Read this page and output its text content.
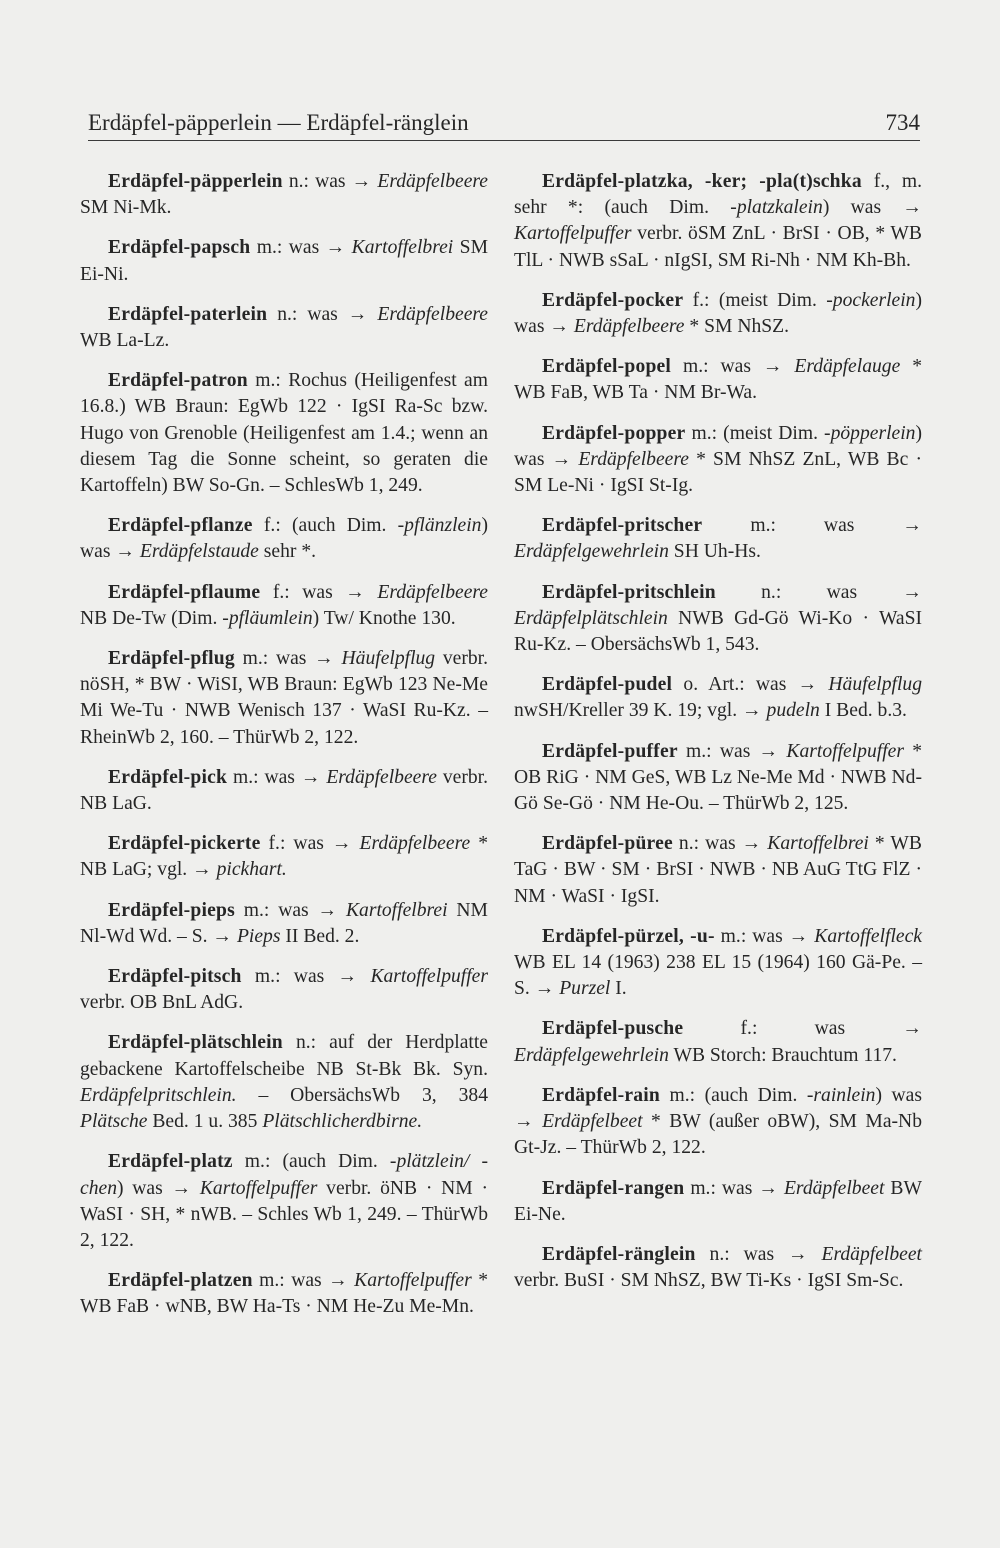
Erdäpfel-päpperlein — Erdäpfel-ränglein	734

Erdäpfel-päpperlein n.: was → Erdäpfelbeere SM Ni-Mk.

Erdäpfel-papsch m.: was → Kartoffelbrei SM Ei-Ni.

Erdäpfel-paterlein n.: was → Erdäpfelbeere WB La-Lz.

Erdäpfel-patron m.: Rochus (Heiligenfest am 16.8.) WB Braun: EgWb 122 · IgSI Ra-Sc bzw. Hugo von Grenoble (Heiligenfest am 1.4.; wenn an diesem Tag die Sonne scheint, so geraten die Kartoffeln) BW So-Gn. – SchlesWb 1, 249.

Erdäpfel-pflanze f.: (auch Dim. -pflänzlein) was → Erdäpfelstaude sehr *.

Erdäpfel-pflaume f.: was → Erdäpfelbeere NB De-Tw (Dim. -pfläumlein) Tw/ Knothe 130.

Erdäpfel-pflug m.: was → Häufelpflug verbr. nöSH, * BW · WiSI, WB Braun: EgWb 123 Ne-Me Mi We-Tu · NWB Wenisch 137 · WaSI Ru-Kz. – RheinWb 2, 160. – ThürWb 2, 122.

Erdäpfel-pick m.: was → Erdäpfelbeere verbr. NB LaG.

Erdäpfel-pickerte f.: was → Erdäpfelbeere * NB LaG; vgl. → pickhart.

Erdäpfel-pieps m.: was → Kartoffelbrei NM Nl-Wd Wd. – S. → Pieps II Bed. 2.

Erdäpfel-pitsch m.: was → Kartoffelpuffer verbr. OB BnL AdG.

Erdäpfel-plätschlein n.: auf der Herdplatte gebackene Kartoffelscheibe NB St-Bk Bk. Syn. Erdäpfelpritschlein. – ObersächsWb 3, 384 Plätsche Bed. 1 u. 385 Plätschlicherdbirne.

Erdäpfel-platz m.: (auch Dim. -plätzlein/ -chen) was → Kartoffelpuffer verbr. öNB · NM · WaSI · SH, * nWB. – Schles Wb 1, 249. – ThürWb 2, 122.

Erdäpfel-platzen m.: was → Kartoffelpuffer * WB FaB · wNB, BW Ha-Ts · NM He-Zu Me-Mn.

Erdäpfel-platzka, -ker; -pla(t)schka f., m. sehr *: (auch Dim. -platzkalein) was → Kartoffelpuffer verbr. öSM ZnL · BrSI · OB, * WB TlL · NWB sSaL · nIgSI, SM Ri-Nh · NM Kh-Bh.

Erdäpfel-pocker f.: (meist Dim. -pockerlein) was → Erdäpfelbeere * SM NhSZ.

Erdäpfel-popel m.: was → Erdäpfelauge * WB FaB, WB Ta · NM Br-Wa.

Erdäpfel-popper m.: (meist Dim. -pöpperlein) was → Erdäpfelbeere * SM NhSZ ZnL, WB Bc · SM Le-Ni · IgSI St-Ig.

Erdäpfel-pritscher m.: was → Erdäpfelgewehrlein SH Uh-Hs.

Erdäpfel-pritschlein n.: was → Erdäpfelplätschlein NWB Gd-Gö Wi-Ko · WaSI Ru-Kz. – ObersächsWb 1, 543.

Erdäpfel-pudel o. Art.: was → Häufelpflug nwSH/Kreller 39 K. 19; vgl. → pudeln I Bed. b.3.

Erdäpfel-puffer m.: was → Kartoffelpuffer * OB RiG · NM GeS, WB Lz Ne-Me Md · NWB Nd-Gö Se-Gö · NM He-Ou. – ThürWb 2, 125.

Erdäpfel-püree n.: was → Kartoffelbrei * WB TaG · BW · SM · BrSI · NWB · NB AuG TtG FlZ · NM · WaSI · IgSI.

Erdäpfel-pürzel, -u- m.: was → Kartoffelfleck WB EL 14 (1963) 238 EL 15 (1964) 160 Gä-Pe. – S. → Purzel I.

Erdäpfel-pusche f.: was → Erdäpfelgewehrlein WB Storch: Brauchtum 117.

Erdäpfel-rain m.: (auch Dim. -rainlein) was → Erdäpfelbeet * BW (außer oBW), SM Ma-Nb Gt-Jz. – ThürWb 2, 122.

Erdäpfel-rangen m.: was → Erdäpfelbeet BW Ei-Ne.

Erdäpfel-ränglein n.: was → Erdäpfelbeet verbr. BuSI · SM NhSZ, BW Ti-Ks · IgSI Sm-Sc.
